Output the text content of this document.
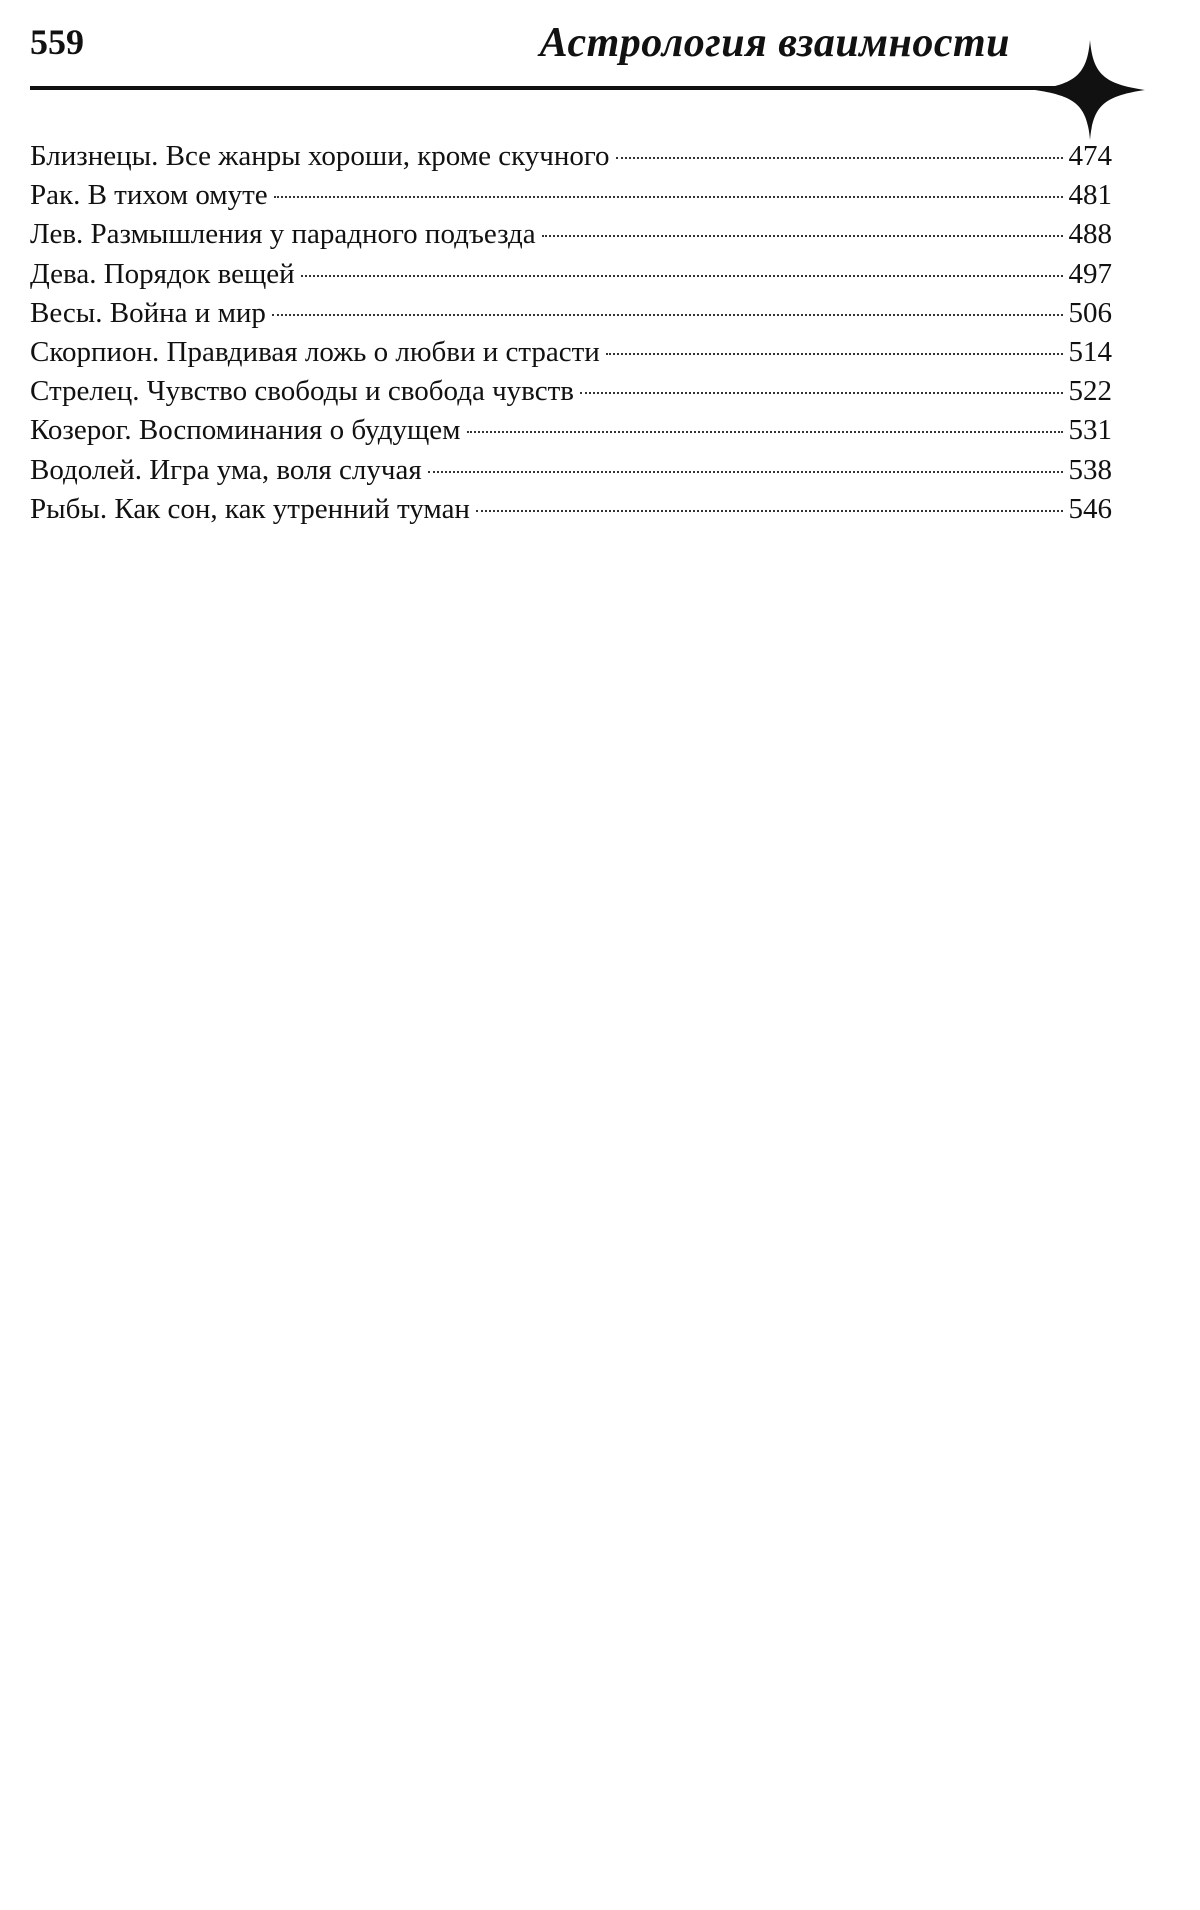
559	Астрология взаимности
Близнецы. Все жанры хороши, кроме скучного	474
Рак. В тихом омуте	481
Лев. Размышления у парадного подъезда	488
Дева. Порядок вещей	497
Весы. Война и мир	506
Скорпион. Правдивая ложь о любви и страсти	514
Стрелец. Чувство свободы и свобода чувств	522
Козерог. Воспоминания о будущем	531
Водолей. Игра ума, воля случая	538
Рыбы. Как сон, как утренний туман	546
